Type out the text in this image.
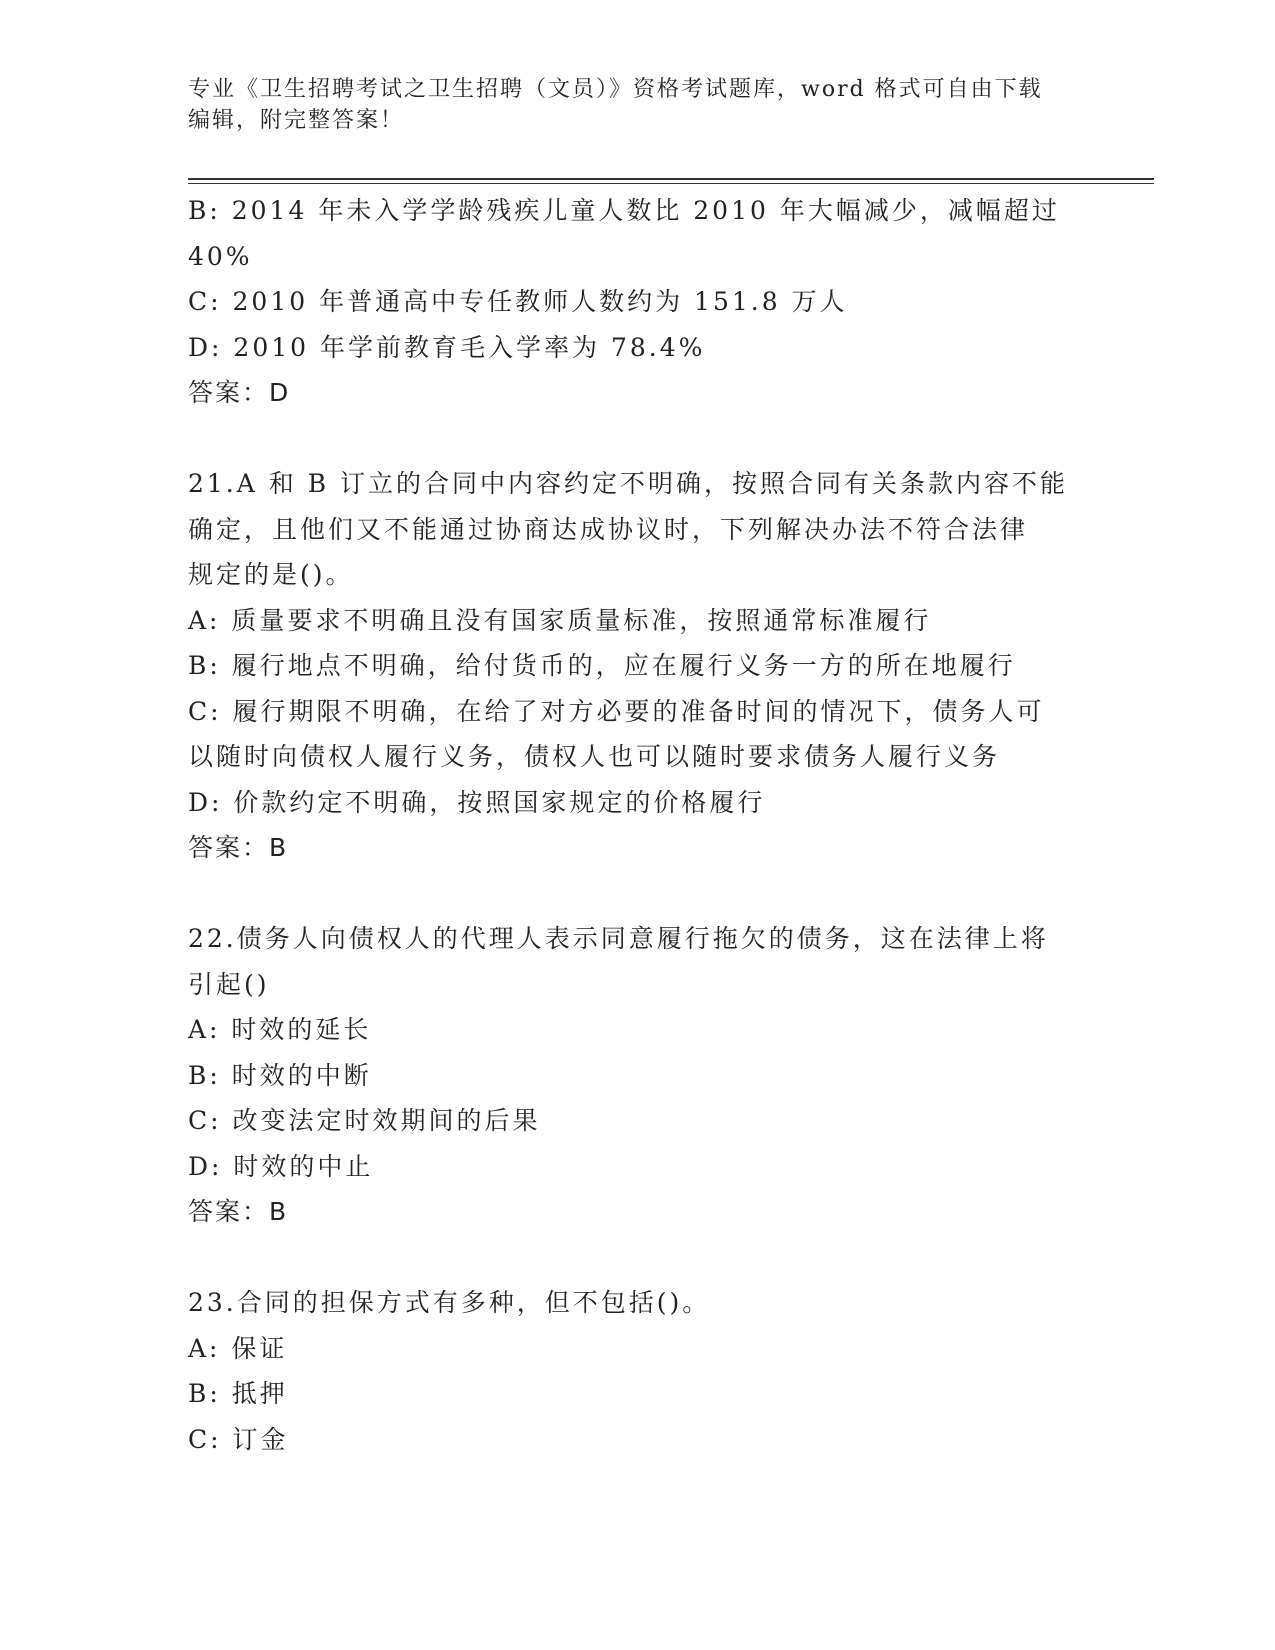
专业《卫生招聘考试之卫生招聘（文员）》资格考试题库，word 格式可自由下载
编辑，附完整答案！
B: 2014 年未入学学龄残疾儿童人数比 2010 年大幅减少，减幅超过
40%
C: 2010 年普通高中专任教师人数约为 151.8 万人
D: 2010 年学前教育毛入学率为 78.4%
答案：D
21.A 和 B 订立的合同中内容约定不明确，按照合同有关条款内容不能
确定，且他们又不能通过协商达成协议时，下列解决办法不符合法律
规定的是()。
A: 质量要求不明确且没有国家质量标准，按照通常标准履行
B: 履行地点不明确，给付货币的，应在履行义务一方的所在地履行
C: 履行期限不明确，在给了对方必要的准备时间的情况下，债务人可
以随时向债权人履行义务，债权人也可以随时要求债务人履行义务
D: 价款约定不明确，按照国家规定的价格履行
答案：B
22.债务人向债权人的代理人表示同意履行拖欠的债务，这在法律上将
引起()
A: 时效的延长
B: 时效的中断
C: 改变法定时效期间的后果
D: 时效的中止
答案：B
23.合同的担保方式有多种，但不包括()。
A: 保证
B: 抵押
C: 订金
